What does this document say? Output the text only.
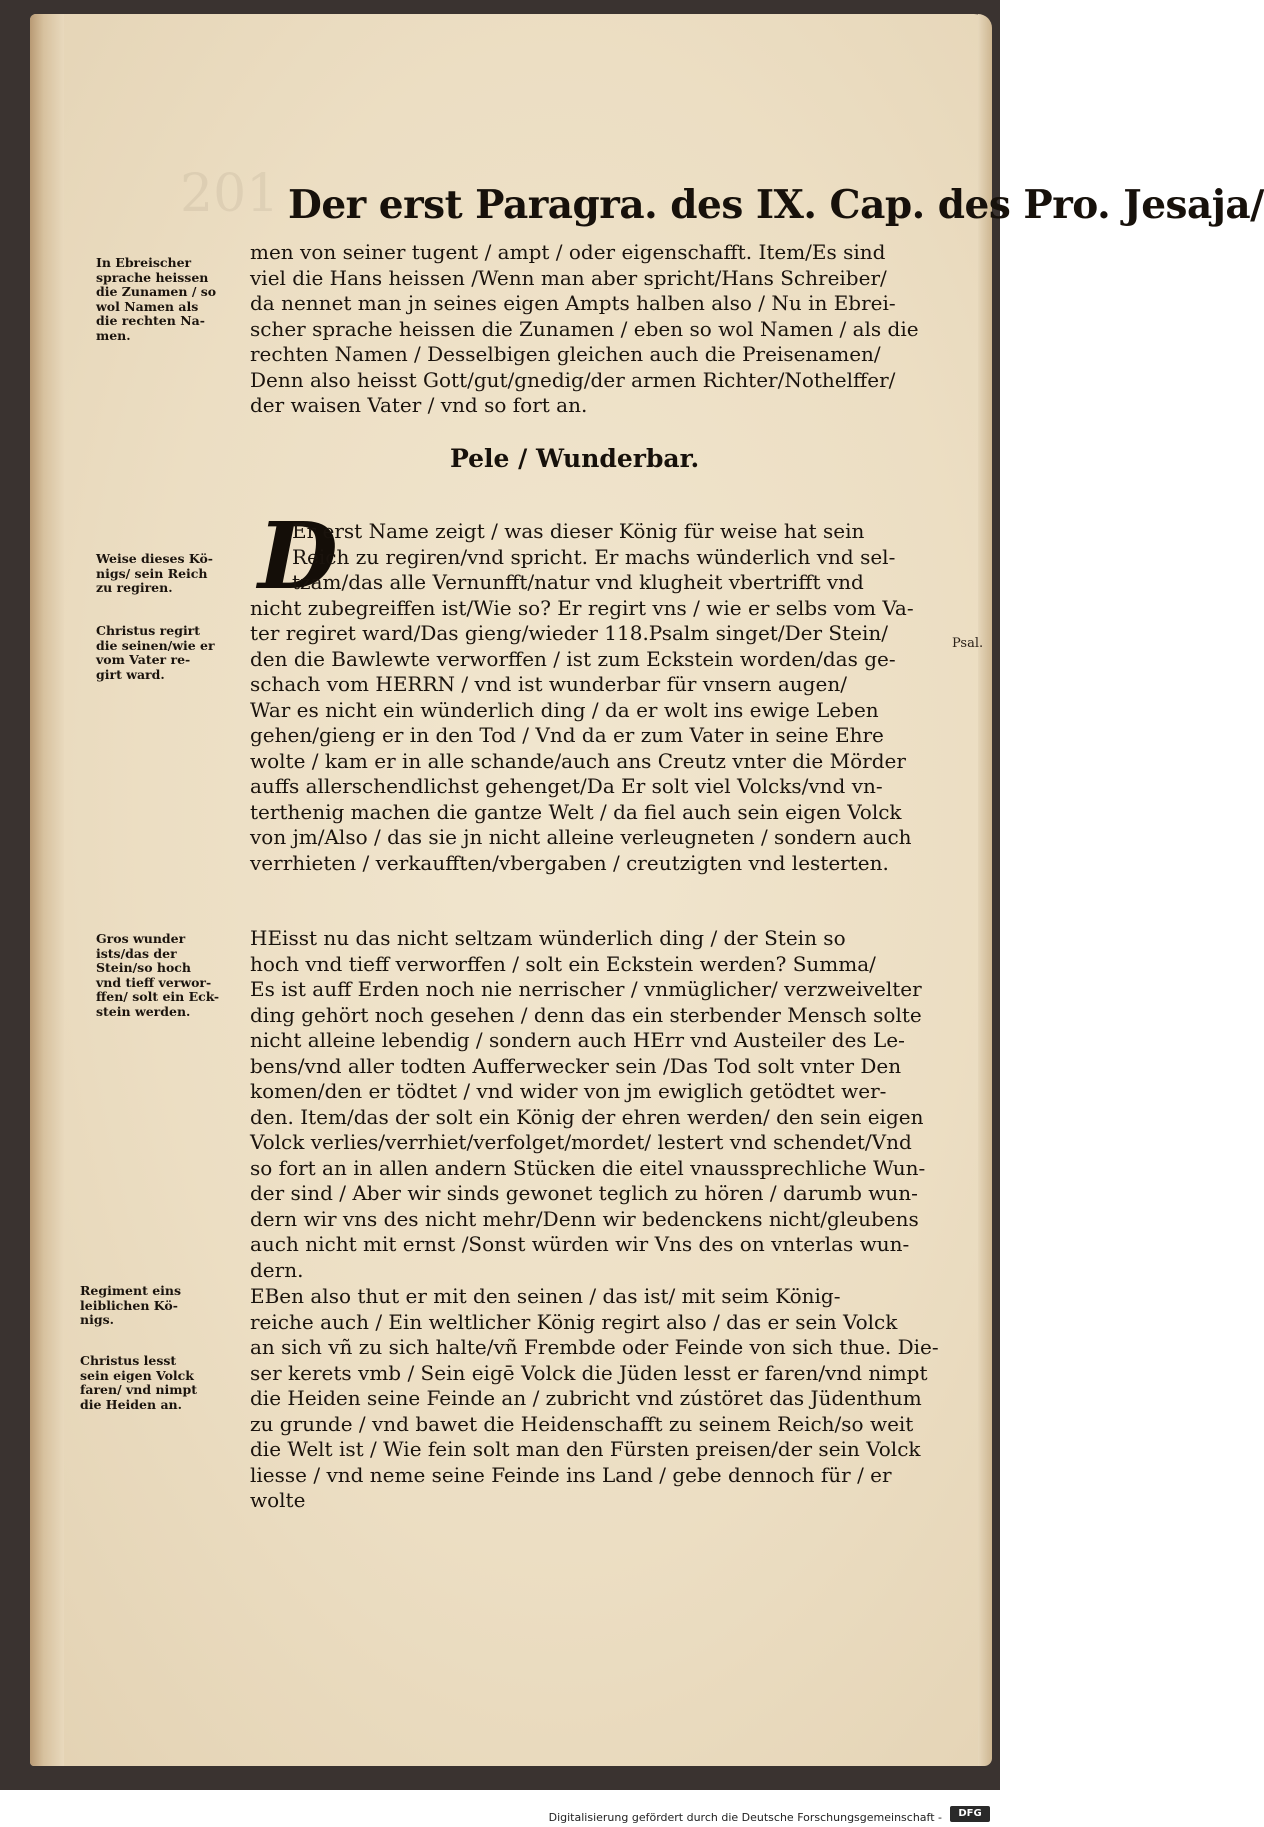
201 Der erst Paragra. des IX. Cap. des Pro. Jesaja/
men von seiner tugent / ampt / oder eigenschafft. Item/Es sind
viel die Hans heissen /Wenn man aber spricht/Hans Schreiber/
da nennet man jn seines eigen Ampts halben also / Nu in Ebrei-
scher sprache heissen die Zunamen / eben so wol Namen / als die
rechten Namen / Desselbigen gleichen auch die Preisenamen/
Denn also heisst Gott/gut/gnedig/der armen Richter/Nothelffer/
der waisen Vater / vnd so fort an.
Pele / Wunderbar.
D
Er erst Name zeigt / was dieser König für weise hat sein
Reich zu regiren/vnd spricht. Er machs wünderlich vnd sel-
tzam/das alle Vernunfft/natur vnd klugheit vbertrifft vnd
nicht zubegreiffen ist/Wie so? Er regirt vns / wie er selbs vom Va-
ter regiret ward/Das gieng/wieder 118.Psalm singet/Der Stein/
den die Bawlewte verworffen / ist zum Eckstein worden/das ge-
schach vom HERRN / vnd ist wunderbar für vnsern augen/
War es nicht ein wünderlich ding / da er wolt ins ewige Leben
gehen/gieng er in den Tod / Vnd da er zum Vater in seine Ehre
wolte / kam er in alle schande/auch ans Creutz vnter die Mörder
auffs allerschendlichst gehenget/Da Er solt viel Volcks/vnd vn-
terthenig machen die gantze Welt / da fiel auch sein eigen Volck
von jm/Also / das sie jn nicht alleine verleugneten / sondern auch
verrhieten / verkaufften/vbergaben / creutzigten vnd lesterten.
HEisst nu das nicht seltzam wünderlich ding / der Stein so
hoch vnd tieff verworffen / solt ein Eckstein werden? Summa/
Es ist auff Erden noch nie nerrischer / vnmüglicher/ verzweivelter
ding gehört noch gesehen / denn das ein sterbender Mensch solte
nicht alleine lebendig / sondern auch HErr vnd Austeiler des Le-
bens/vnd aller todten Aufferwecker sein /Das Tod solt vnter Den
komen/den er tödtet / vnd wider von jm ewiglich getödtet wer-
den. Item/das der solt ein König der ehren werden/ den sein eigen
Volck verlies/verrhiet/verfolget/mordet/ lestert vnd schendet/Vnd
so fort an in allen andern Stücken die eitel vnaussprechliche Wun-
der sind / Aber wir sinds gewonet teglich zu hören / darumb wun-
dern wir vns des nicht mehr/Denn wir bedenckens nicht/gleubens
auch nicht mit ernst /Sonst würden wir Vns des on vnterlas wun-
dern.
EBen also thut er mit den seinen / das ist/ mit seim König-
reiche auch / Ein weltlicher König regirt also / das er sein Volck
an sich vñ zu sich halte/vñ Frembde oder Feinde von sich thue. Die-
ser kerets vmb / Sein eigē Volck die Jüden lesst er faren/vnd nimpt
die Heiden seine Feinde an / zubricht vnd zústöret das Jüdenthum
zu grunde / vnd bawet die Heidenschafft zu seinem Reich/so weit
die Welt ist / Wie fein solt man den Fürsten preisen/der sein Volck
liesse / vnd neme seine Feinde ins Land / gebe dennoch für / er
wolte
In Ebreischer
sprache heissen
die Zunamen / so
wol Namen als
die rechten Na-
men.
Weise dieses Kö-
nigs/ sein Reich
zu regiren.
Christus regirt
die seinen/wie er
vom Vater re-
girt ward.
Gros wunder
ists/das der
Stein/so hoch
vnd tieff verwor-
ffen/ solt ein Eck-
stein werden.
Regiment eins
leiblichen Kö-
nigs.
Christus lesst
sein eigen Volck
faren/ vnd nimpt
die Heiden an.
Psal.
Digitalisierung gefördert durch die Deutsche Forschungsgemeinschaft -	DFG
